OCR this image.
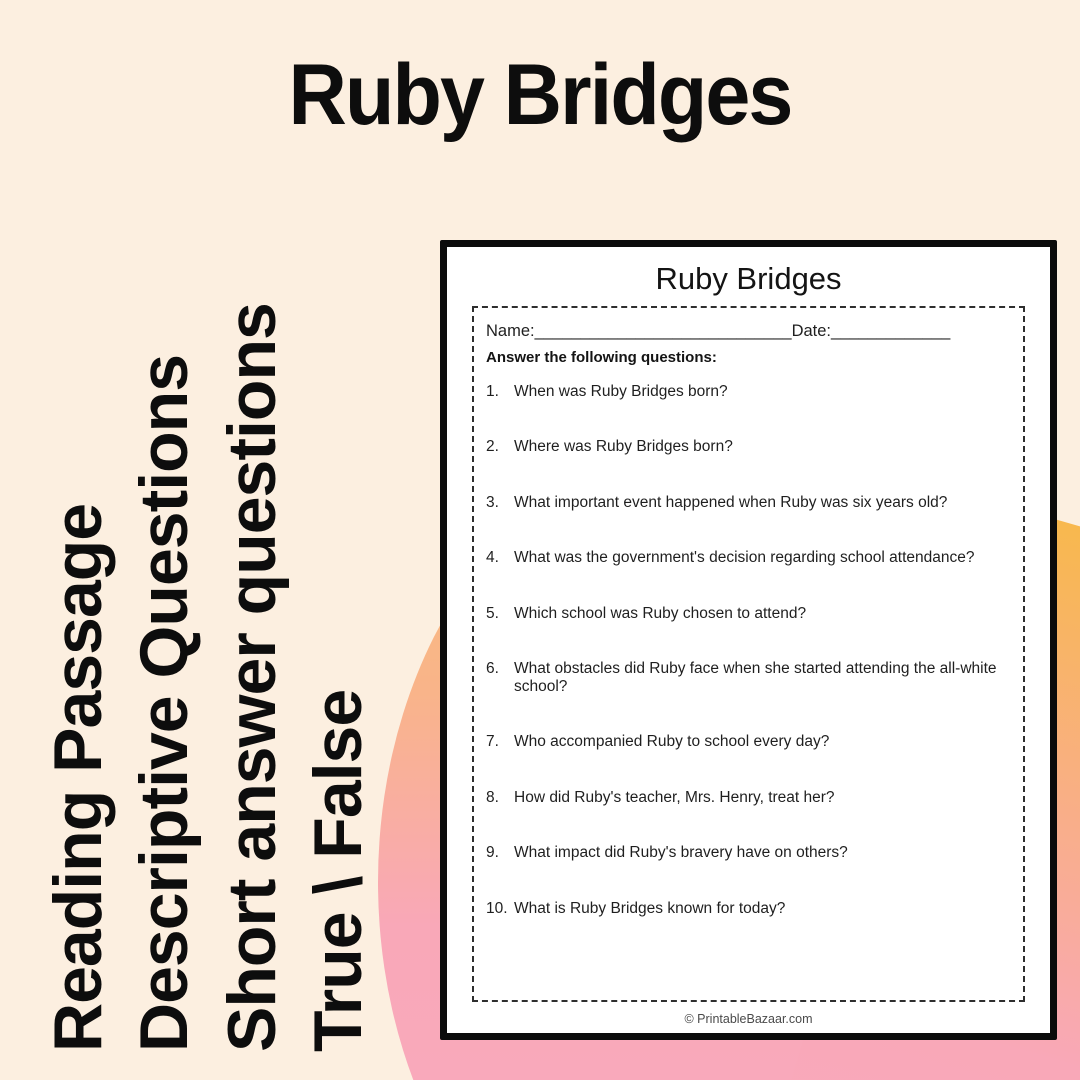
Ruby Bridges
Reading Passage Descriptive Questions Short answer questions True \ False
Ruby Bridges
Name:____________________________ Date:_____________
Answer the following questions:
1. When was Ruby Bridges born?
2. Where was Ruby Bridges born?
3. What important event happened when Ruby was six years old?
4. What was the government's decision regarding school attendance?
5. Which school was Ruby chosen to attend?
6. What obstacles did Ruby face when she started attending the all-white school?
7. Who accompanied Ruby to school every day?
8. How did Ruby's teacher, Mrs. Henry, treat her?
9. What impact did Ruby's bravery have on others?
10. What is Ruby Bridges known for today?
© PrintableBazaar.com
